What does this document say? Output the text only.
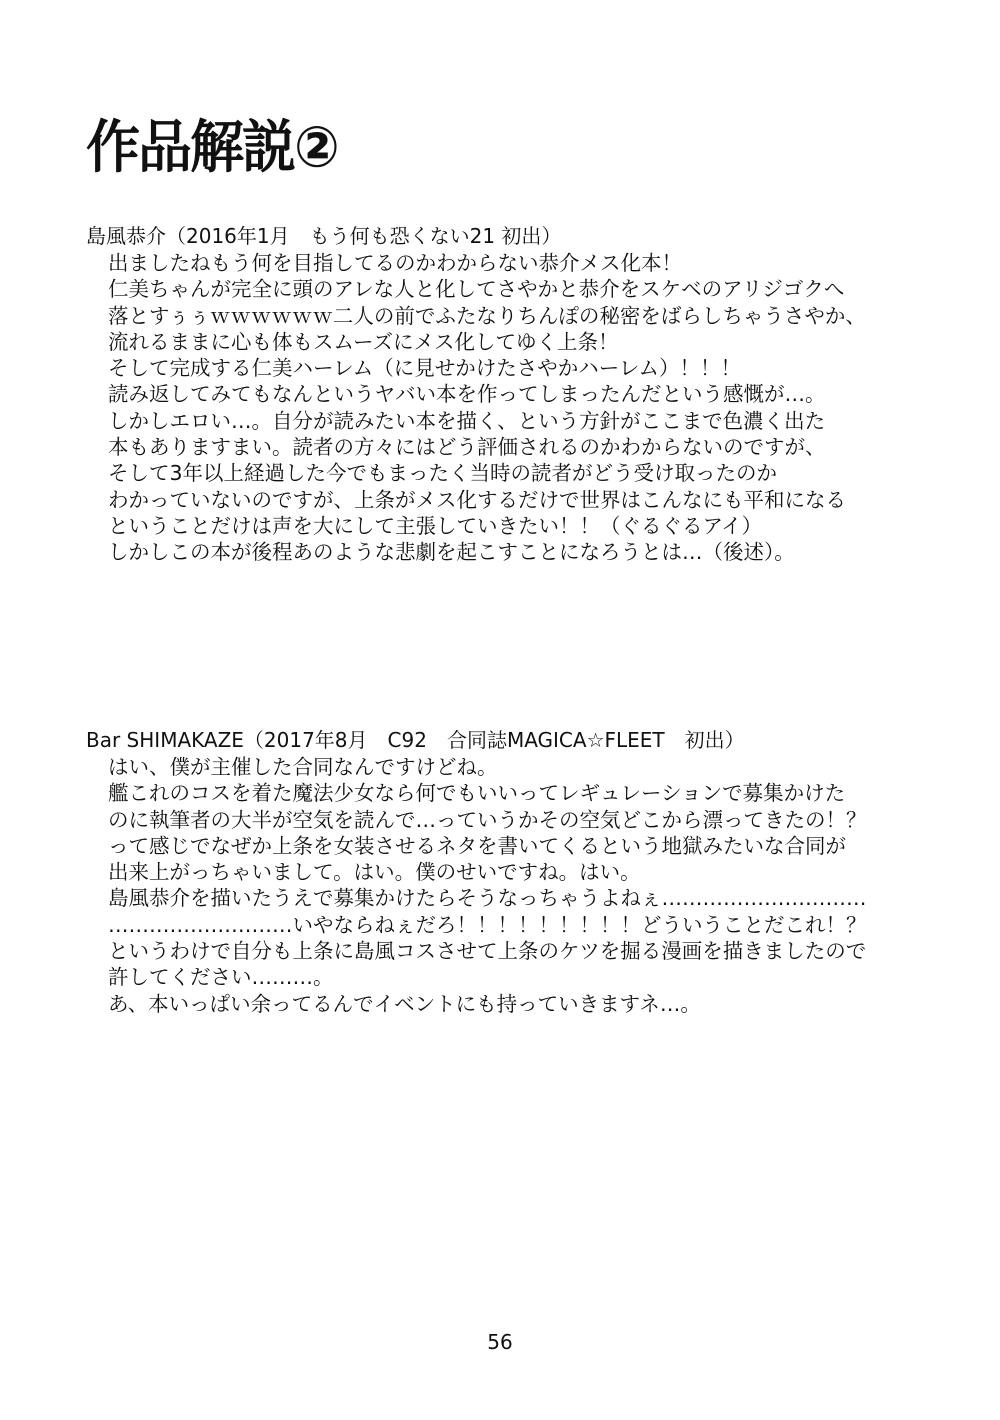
作品解説②

島風恭介（2016年1月　もう何も恐くない21 初出）

出ましたねもう何を目指してるのかわからない恭介メス化本！
仁美ちゃんが完全に頭のアレな人と化してさやかと恭介をスケベのアリジゴクへ
落とすぅぅｗｗｗｗｗｗ二人の前でふたなりちんぽの秘密をばらしちゃうさやか、
流れるままに心も体もスムーズにメス化してゆく上条！
そして完成する仁美ハーレム（に見せかけたさやかハーレム）！！！
読み返してみてもなんというヤバい本を作ってしまったんだという感慨が…。
しかしエロい…。自分が読みたい本を描く、という方針がここまで色濃く出た
本もありますまい。読者の方々にはどう評価されるのかわからないのですが、
そして3年以上経過した今でもまったく当時の読者がどう受け取ったのか
わかっていないのですが、上条がメス化するだけで世界はこんなにも平和になる
ということだけは声を大にして主張していきたい！！（ぐるぐるアイ）
しかしこの本が後程あのような悲劇を起こすことになろうとは…（後述）。

Bar SHIMAKAZE（2017年8月　C92　合同誌MAGICA☆FLEET　初出）

はい、僕が主催した合同なんですけどね。
艦これのコスを着た魔法少女なら何でもいいってレギュレーションで募集かけた
のに執筆者の大半が空気を読んで…っていうかその空気どこから漂ってきたの！？
って感じでなぜか上条を女装させるネタを書いてくるという地獄みたいな合同が
出来上がっちゃいまして。はい。僕のせいですね。はい。
島風恭介を描いたうえで募集かけたらそうなっちゃうよねぇ…………………………
………………………いやならねぇだろ！！！！！！！！！どういうことだこれ！？
というわけで自分も上条に島風コスさせて上条のケツを掘る漫画を描きましたので
許してください………。
あ、本いっぱい余ってるんでイベントにも持っていきますネ…。
56
